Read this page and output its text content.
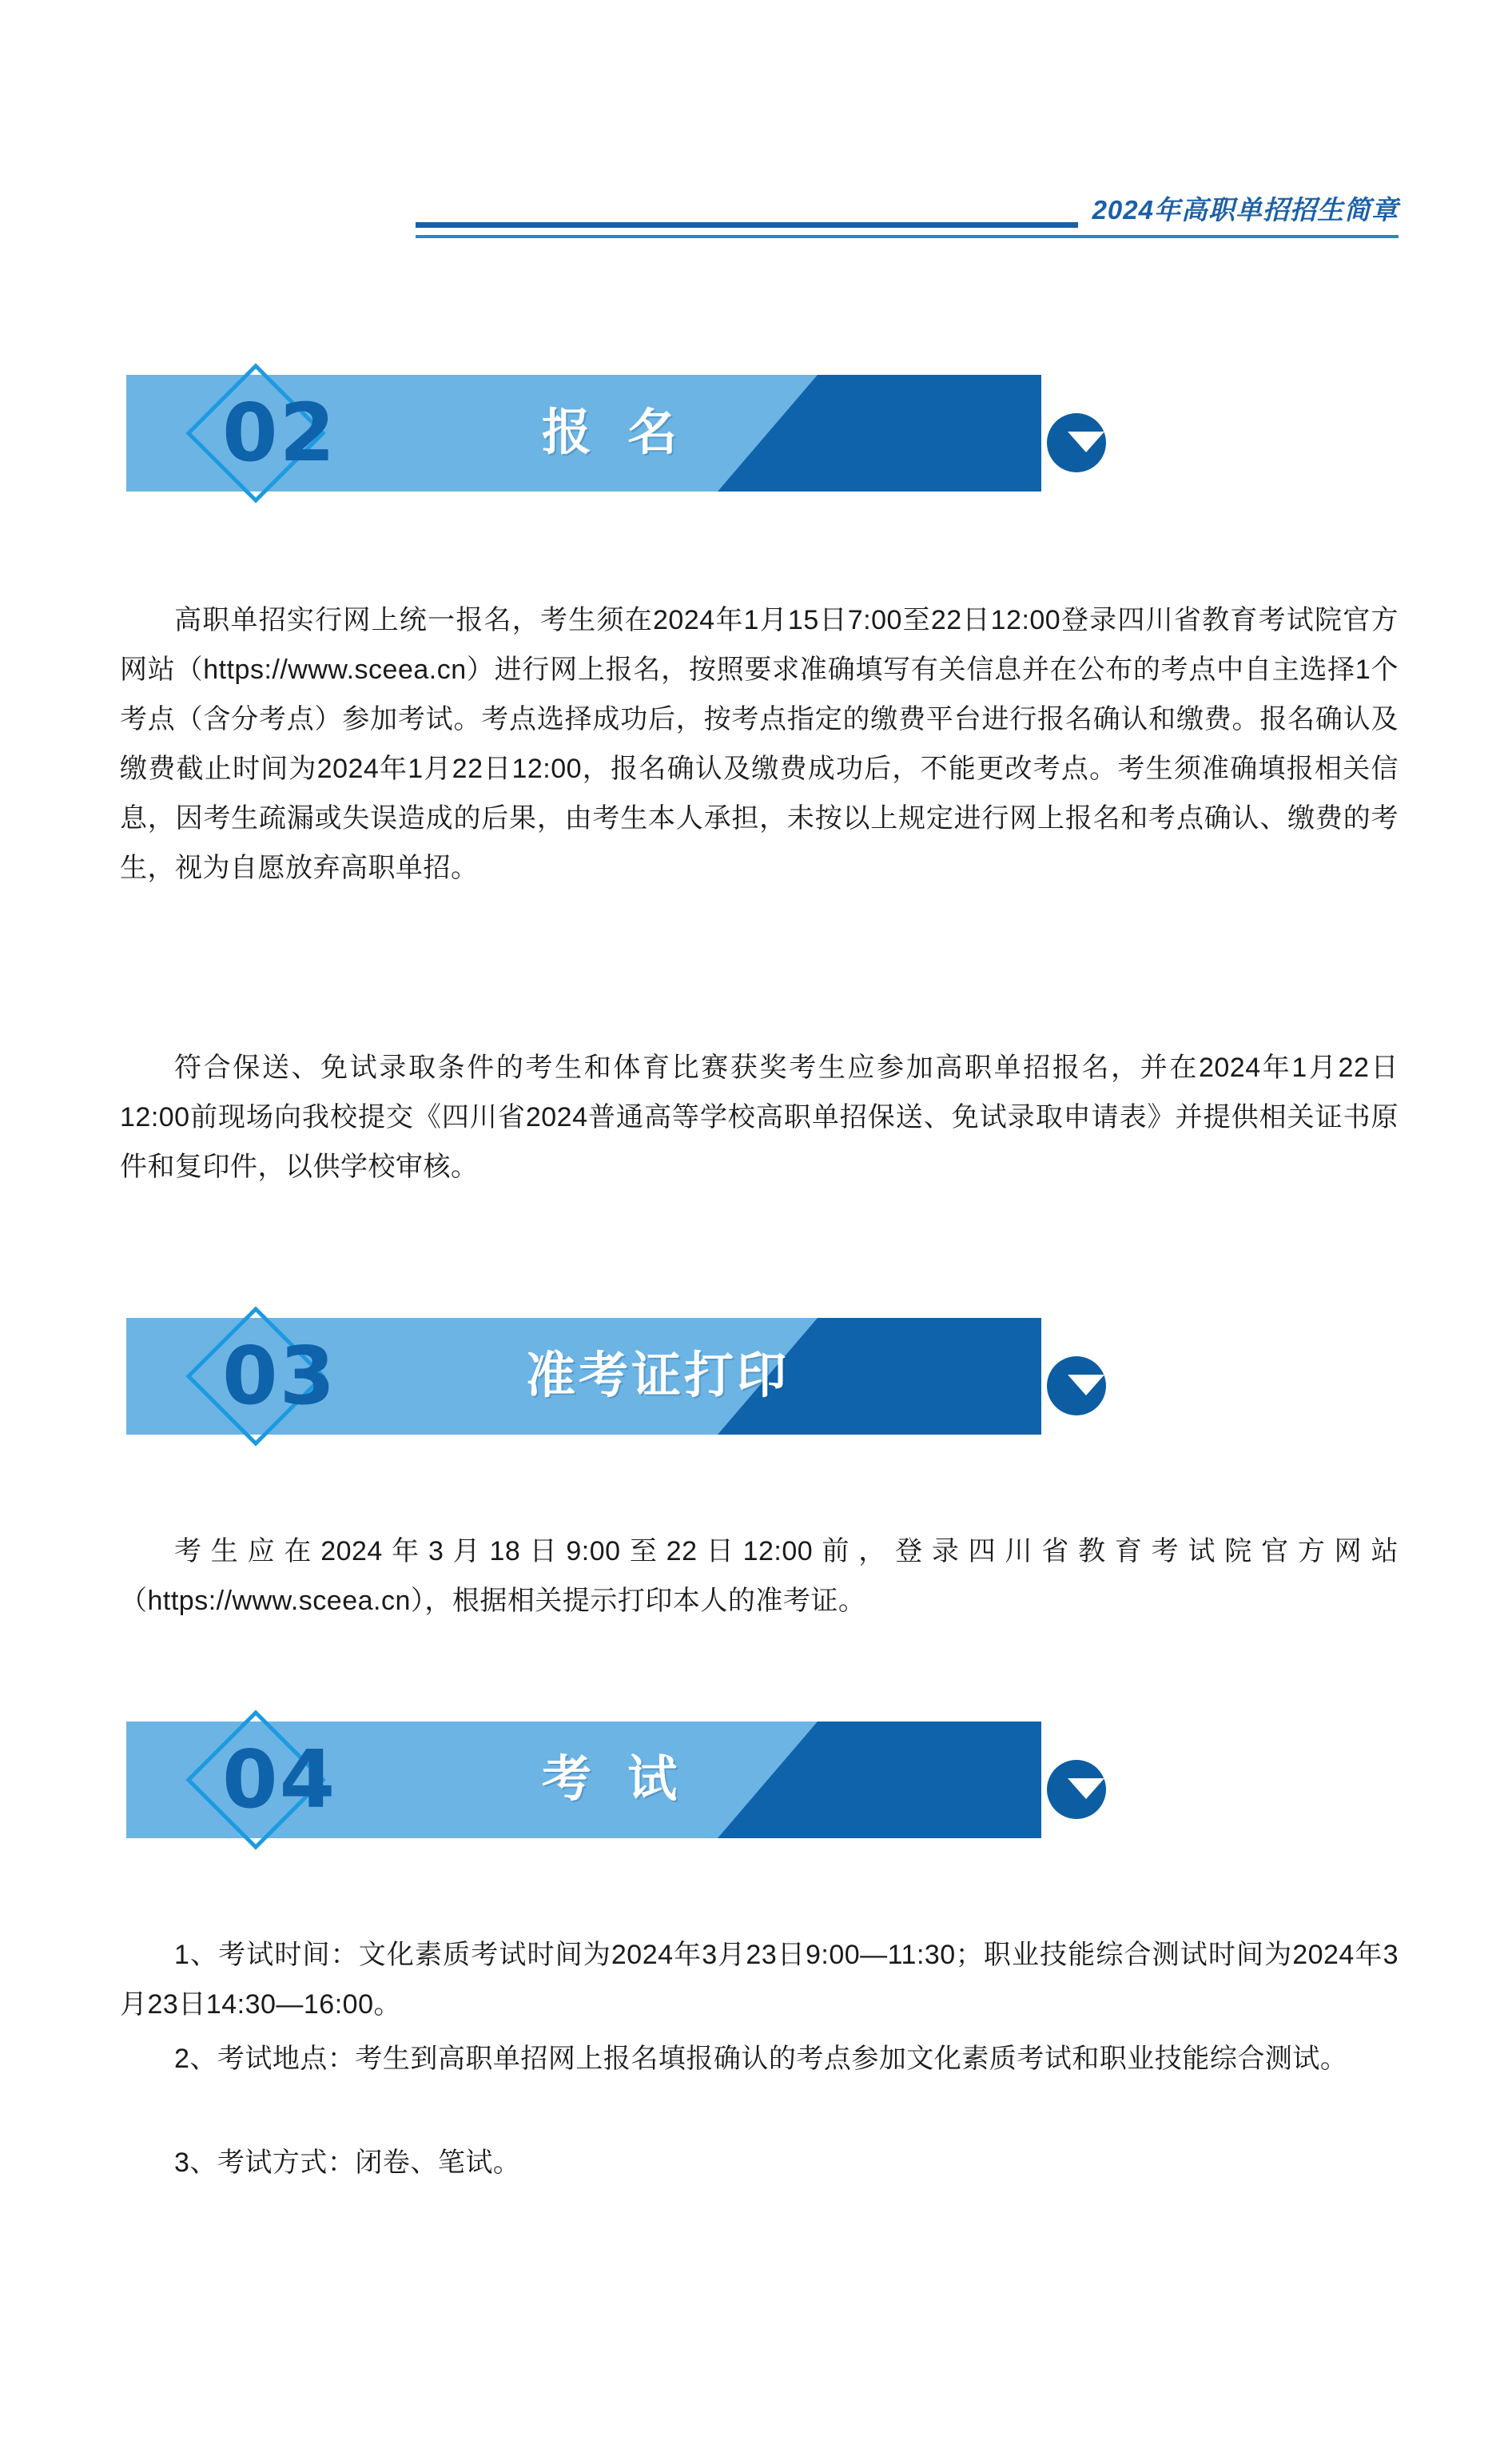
2024年高职单招招生简章
02	报 名
高职单招实行网上统一报名，考生须在2024年1月15日7:00至22日12:00登录四川省教育考试院官方网站（https://www.sceea.cn）进行网上报名，按照要求准确填写有关信息并在公布的考点中自主选择1个考点（含分考点）参加考试。考点选择成功后，按考点指定的缴费平台进行报名确认和缴费。报名确认及缴费截止时间为2024年1月22日12:00，报名确认及缴费成功后，不能更改考点。考生须准确填报相关信息，因考生疏漏或失误造成的后果，由考生本人承担，未按以上规定进行网上报名和考点确认、缴费的考生，视为自愿放弃高职单招。
符合保送、免试录取条件的考生和体育比赛获奖考生应参加高职单招报名，并在2024年1月22日12:00前现场向我校提交《四川省2024普通高等学校高职单招保送、免试录取申请表》并提供相关证书原件和复印件，以供学校审核。
03	准考证打印
考生应在2024年3月18日9:00至22日12:00前，登录四川省教育考试院官方网站（https://www.sceea.cn），根据相关提示打印本人的准考证。
04	考 试
1、考试时间：文化素质考试时间为2024年3月23日9:00—11:30；职业技能综合测试时间为2024年3月23日14:30—16:00。
2、考试地点：考生到高职单招网上报名填报确认的考点参加文化素质考试和职业技能综合测试。
3、考试方式：闭卷、笔试。
